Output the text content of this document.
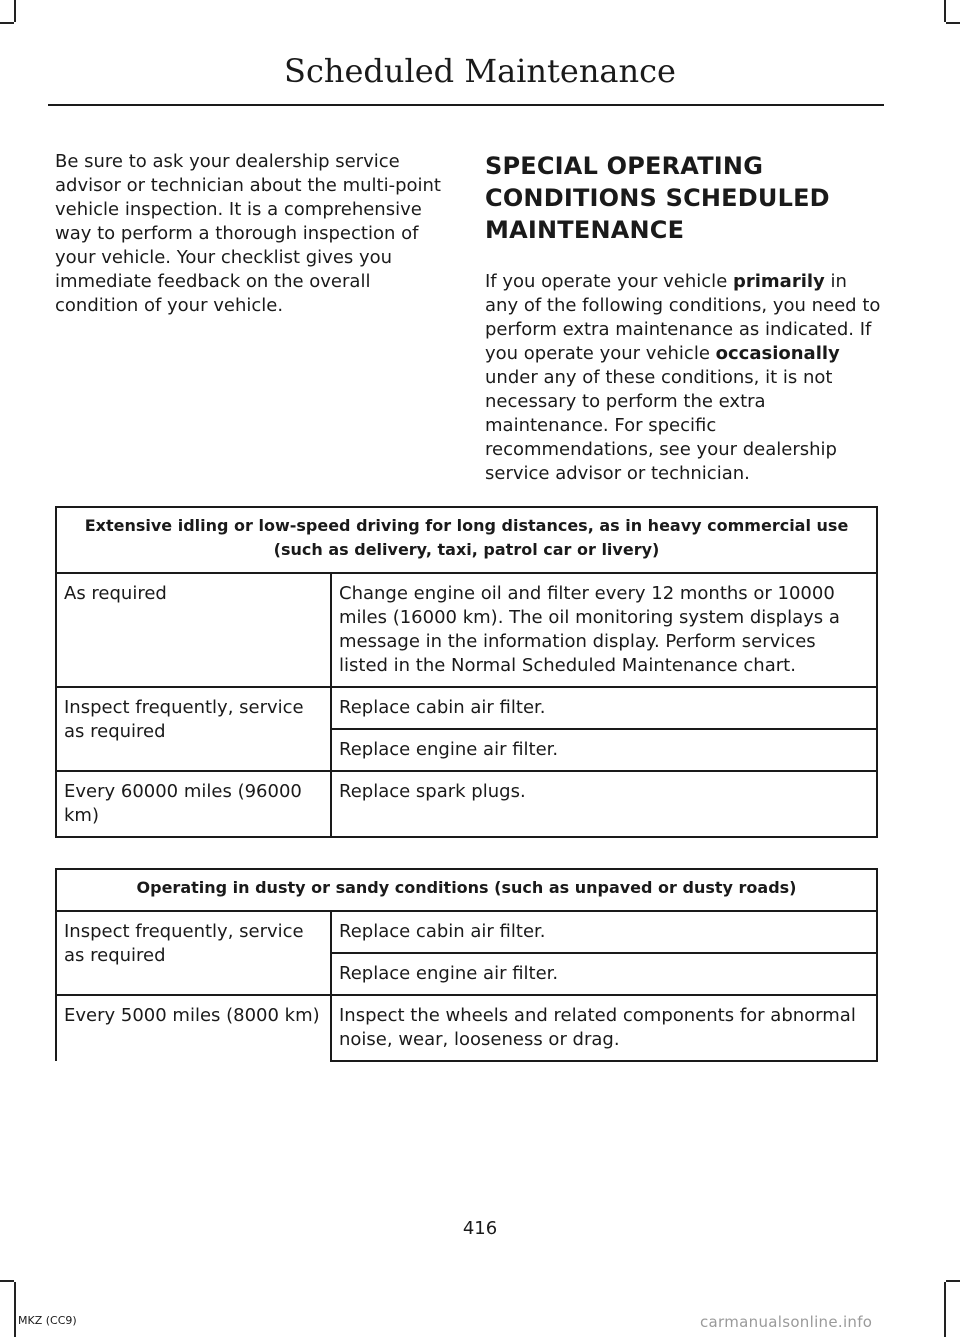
Scheduled Maintenance

Be sure to ask your dealership service advisor or technician about the multi-point vehicle inspection. It is a comprehensive way to perform a thorough inspection of your vehicle. Your checklist gives you immediate feedback on the overall condition of your vehicle.

SPECIAL OPERATING CONDITIONS SCHEDULED MAINTENANCE

If you operate your vehicle primarily in any of the following conditions, you need to perform extra maintenance as indicated. If you operate your vehicle occasionally under any of these conditions, it is not necessary to perform the extra maintenance. For specific recommendations, see your dealership service advisor or technician.

Extensive idling or low-speed driving for long distances, as in heavy commercial use (such as delivery, taxi, patrol car or livery)	
As required	Change engine oil and filter every 12 months or 10000 miles (16000 km). The oil monitoring system displays a message in the information display. Perform services listed in the Normal Scheduled Maintenance chart.
Inspect frequently, service as required	Replace cabin air filter.
	Replace engine air filter.
Every 60000 miles (96000 km)	Replace spark plugs.
Operating in dusty or sandy conditions (such as unpaved or dusty roads)	
Inspect frequently, service as required	Replace cabin air filter.
	Replace engine air filter.
Every 5000 miles (8000 km)	Inspect the wheels and related components for abnormal noise, wear, looseness or drag.
416
MKZ (CC9)	carmanualsonline.info
